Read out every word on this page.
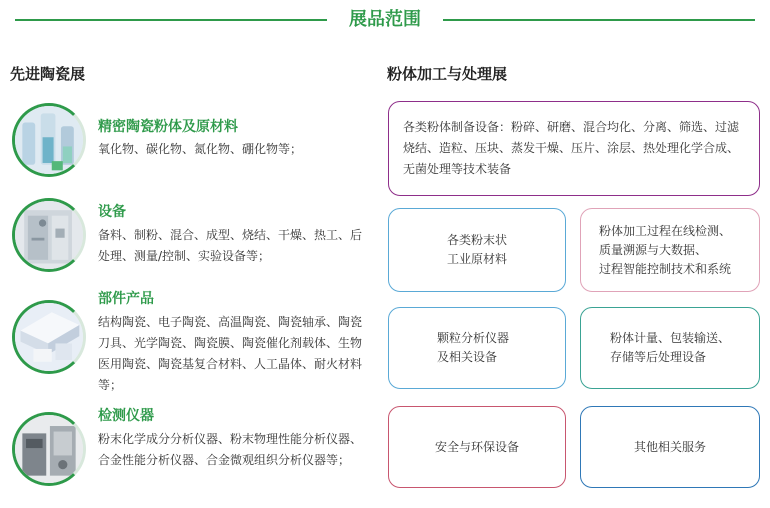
展品范围
先进陶瓷展	粉体加工与处理展
精密陶瓷粉体及原材料
氧化物、碳化物、氮化物、硼化物等；
设备
备料、制粉、混合、成型、烧结、干燥、热工、后处理、测量/控制、实验设备等；
部件产品
结构陶瓷、电子陶瓷、高温陶瓷、陶瓷轴承、陶瓷刀具、光学陶瓷、陶瓷膜、陶瓷催化剂载体、生物医用陶瓷、陶瓷基复合材料、人工晶体、耐火材料等；
检测仪器
粉末化学成分分析仪器、粉末物理性能分析仪器、合金性能分析仪器、合金微观组织分析仪器等；
各类粉体制备设备：粉碎、研磨、混合均化、分离、筛选、过滤烧结、造粒、压块、蒸发干燥、压片、涂层、热处理化学合成、无菌处理等技术装备
各类粉末状
工业原材料
粉体加工过程在线检测、
质量溯源与大数据、
过程智能控制技术和系统
颗粒分析仪器
及相关设备
粉体计量、包装输送、
存储等后处理设备
安全与环保设备	其他相关服务
